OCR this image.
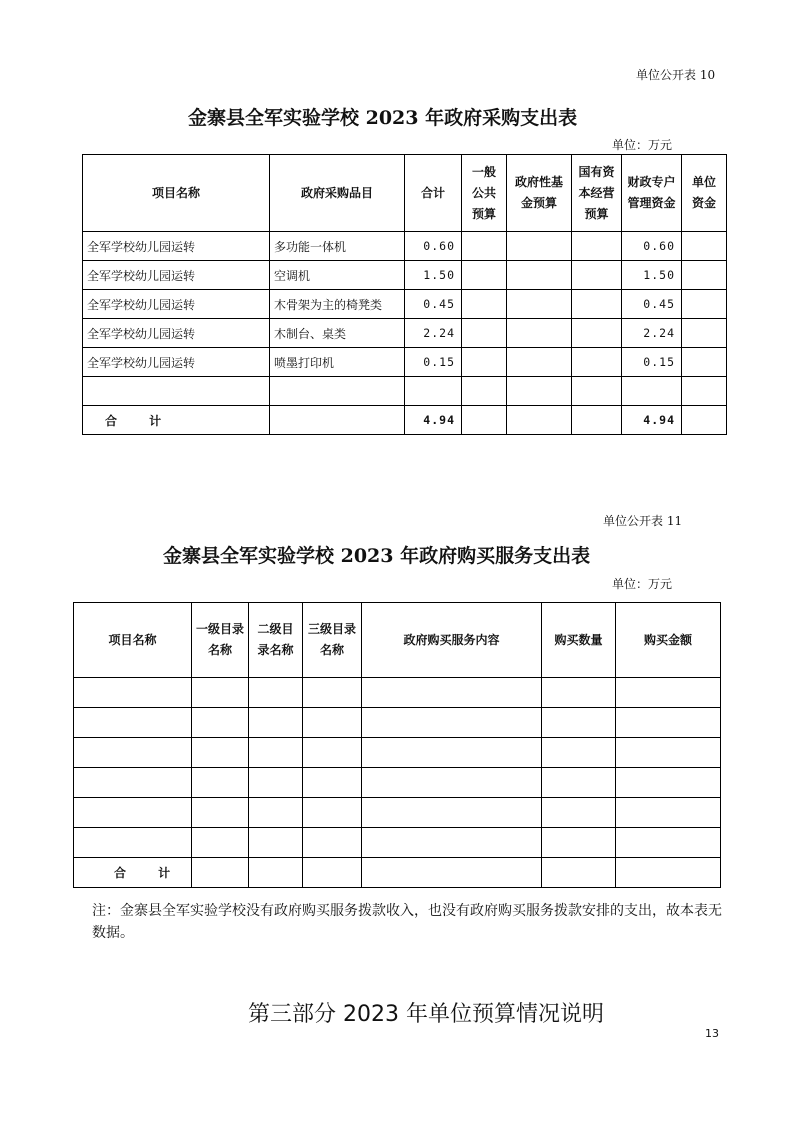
单位公开表 10
金寨县全军实验学校 2023 年政府采购支出表
单位：万元
项目名称	政府采购品目	合计	一般公共预算	政府性基金预算	国有资本经营预算	财政专户管理资金	单位资金
全军学校幼儿园运转	多功能一体机	0.60				0.60	
全军学校幼儿园运转	空调机	1.50				1.50	
全军学校幼儿园运转	木骨架为主的椅凳类	0.45				0.45	
全军学校幼儿园运转	木制台、桌类	2.24				2.24	
全军学校幼儿园运转	喷墨打印机	0.15				0.15	

合 计		4.94				4.94	
单位公开表 11
金寨县全军实验学校 2023 年政府购买服务支出表
单位：万元
项目名称	一级目录名称	二级目录名称	三级目录名称	政府购买服务内容	购买数量	购买金额

合 计						
注：金寨县全军实验学校没有政府购买服务拨款收入，也没有政府购买服务拨款安排的支出，故本表无数据。
第三部分 2023 年单位预算情况说明
13
